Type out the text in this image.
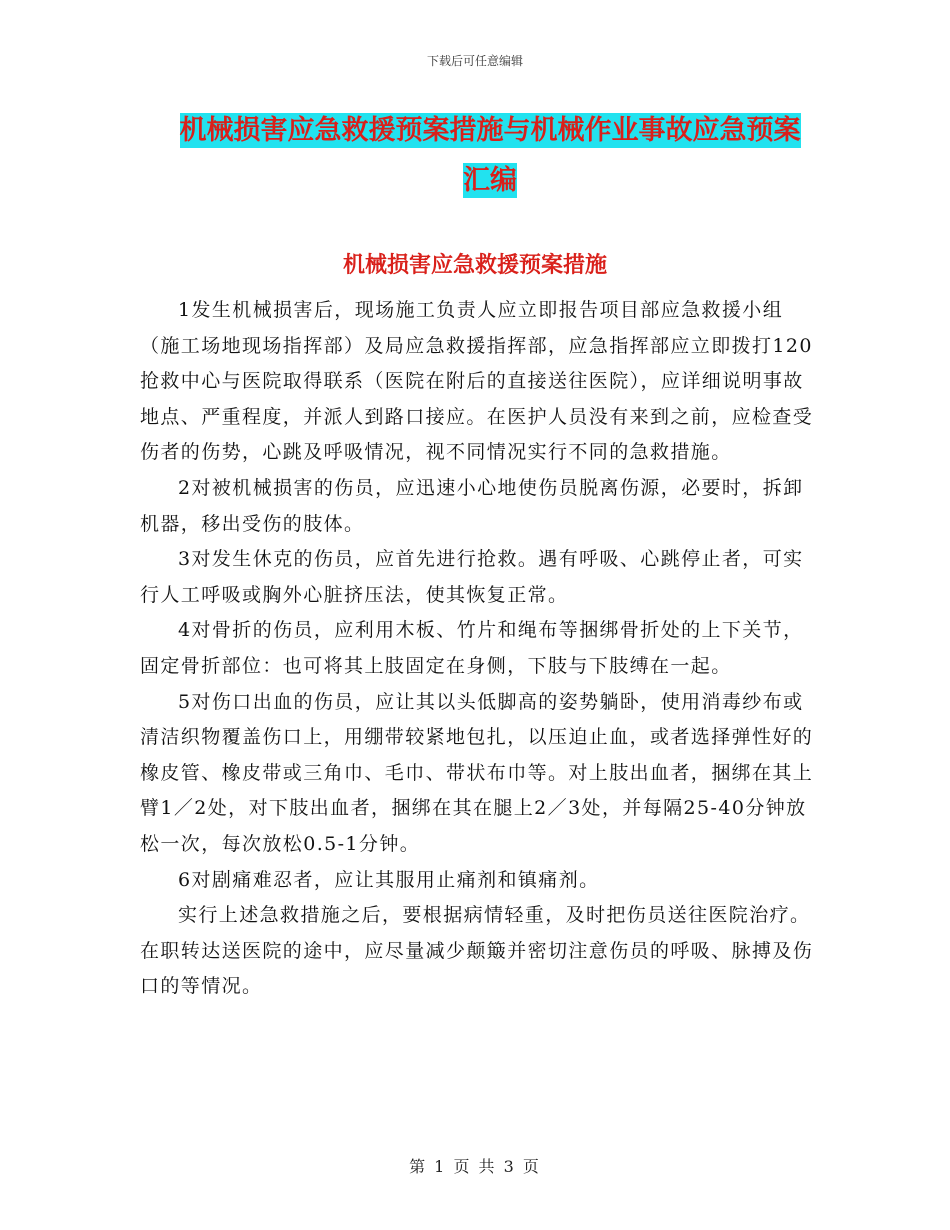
下载后可任意编辑
机械损害应急救援预案措施与机械作业事故应急预案
汇编
机械损害应急救援预案措施

1发生机械损害后，现场施工负责人应立即报告项目部应急救援小组（施工场地现场指挥部）及局应急救援指挥部，应急指挥部应立即拨打120抢救中心与医院取得联系（医院在附后的直接送往医院），应详细说明事故地点、严重程度，并派人到路口接应。在医护人员没有来到之前，应检查受伤者的伤势，心跳及呼吸情况，视不同情况实行不同的急救措施。

2对被机械损害的伤员，应迅速小心地使伤员脱离伤源，必要时，拆卸机器，移出受伤的肢体。

3对发生休克的伤员，应首先进行抢救。遇有呼吸、心跳停止者，可实行人工呼吸或胸外心脏挤压法，使其恢复正常。

4对骨折的伤员，应利用木板、竹片和绳布等捆绑骨折处的上下关节，固定骨折部位：也可将其上肢固定在身侧，下肢与下肢缚在一起。

5对伤口出血的伤员，应让其以头低脚高的姿势躺卧，使用消毒纱布或清洁织物覆盖伤口上，用绷带较紧地包扎，以压迫止血，或者选择弹性好的橡皮管、橡皮带或三角巾、毛巾、带状布巾等。对上肢出血者，捆绑在其上臂1／2处，对下肢出血者，捆绑在其在腿上2／3处，并每隔25-40分钟放松一次，每次放松0.5-1分钟。

6对剧痛难忍者，应让其服用止痛剂和镇痛剂。

实行上述急救措施之后，要根据病情轻重，及时把伤员送往医院治疗。在职转达送医院的途中，应尽量减少颠簸并密切注意伤员的呼吸、脉搏及伤口的等情况。

第 1 页 共 3 页
